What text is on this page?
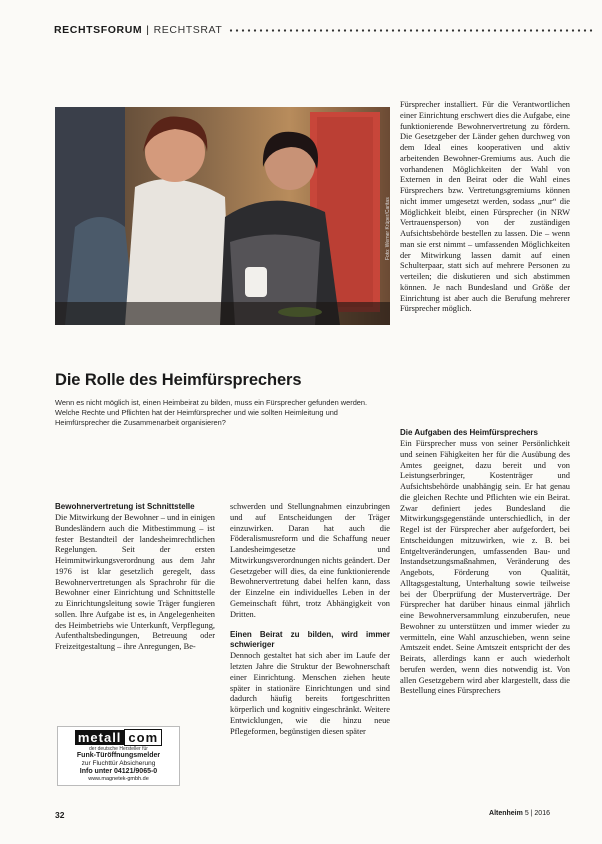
RECHTSFORUM | RECHTSRAT
Foto: Werner Krüper/Caritas

Fürsprecher installiert. Für die Verantwortlichen einer Einrichtung erschwert dies die Aufgabe, eine funktionierende Bewohnervertretung zu fördern. Die Gesetzgeber der Länder gehen durchweg von dem Ideal eines kooperativen und aktiv arbeitenden Bewohner-Gremiums aus. Auch die vorhandenen Möglichkeiten der Wahl von Externen in den Beirat oder die Wahl eines Fürsprechers bzw. Vertretungsgremiums können nicht immer umgesetzt werden, sodass „nur“ die Möglichkeit bleibt, einen Fürsprecher (in NRW Vertrauensperson) von der zuständigen Aufsichtsbehörde bestellen zu lassen. Die – wenn man sie erst nimmt – umfassenden Möglichkeiten der Mitwirkung lassen damit auf einen Schulterpaar, statt sich auf mehrere Personen zu verteilen; die diskutieren und sich abstimmen können. Je nach Bundesland und Größe der Einrichtung ist aber auch die Berufung mehrerer Fürsprecher möglich.

Die Rolle des Heimfürsprechers
Wenn es nicht möglich ist, einen Heimbeirat zu bilden, muss ein Fürsprecher gefunden werden. Welche Rechte und Pflichten hat der Heimfürsprecher und wie sollten Heimleitung und Heimfürsprecher die Zusammenarbeit organisieren?
Bewohnervertretung ist Schnittstelle

Die Mitwirkung der Bewohner – und in einigen Bundesländern auch die Mitbestimmung – ist fester Bestandteil der landesheimrechtlichen Regelungen. Seit der ersten Heimmitwirkungsverordnung aus dem Jahr 1976 ist klar gesetzlich geregelt, dass Bewohnervertretungen als Sprachrohr für die Bewohner einer Einrichtung und Schnittstelle zu Einrichtungsleitung sowie Träger fungieren sollen. Ihre Aufgabe ist es, in Angelegenheiten des Heimbetriebs wie Unterkunft, Verpflegung, Aufenthaltsbedingungen, Betreuung oder Freizeitgestaltung – ihre Anregungen, Be-

schwerden und Stellungnahmen einzubringen und auf Entscheidungen der Träger einzuwirken. Daran hat auch die Föderalismusreform und die Schaffung neuer Landesheimgesetze und Mitwirkungsverordnungen nichts geändert. Der Gesetzgeber will dies, da eine funktionierende Bewohnervertretung dabei helfen kann, dass der Einzelne ein individuelles Leben in der Gemeinschaft führt, trotz Abhängigkeit von Dritten.

Einen Beirat zu bilden, wird immer schwieriger

Dennoch gestaltet hat sich aber im Laufe der letzten Jahre die Struktur der Bewohnerschaft einer Einrichtung. Menschen ziehen heute später in stationäre Einrichtungen und sind dadurch häufig bereits fortgeschritten körperlich und kognitiv eingeschränkt. Weitere Entwicklungen, wie die hinzu neue Pflegeformen, begünstigen diesen später

Die Aufgaben des Heimfürsprechers

Ein Fürsprecher muss von seiner Persönlichkeit und seinen Fähigkeiten her für die Ausübung des Amtes geeignet, dazu bereit und von Leistungserbringer, Kostenträger und Aufsichtsbehörde unabhängig sein. Er hat genau die gleichen Rechte und Pflichten wie ein Beirat. Zwar definiert jedes Bundesland die Mitwirkungsgegenstände unterschiedlich, in der Regel ist der Fürsprecher aber aufgefordert, bei Entscheidungen mitzuwirken, wie z. B. bei Entgeltveränderungen, umfassenden Bau- und Instandsetzungsmaßnahmen, Veränderung des Angebots, Förderung von Qualität, Alltagsgestaltung, Unterhaltung sowie teilweise bei der Überprüfung der Musterverträge. Der Fürsprecher hat darüber hinaus einmal jährlich eine Bewohnerversammlung einzuberufen, neue Bewohner zu unterstützen und immer wieder zu vermitteln, eine Wahl anzuschieben, wenn seine Amtszeit endet. Seine Amtszeit entspricht der des Beirats, allerdings kann er auch wiederholt berufen werden, wenn dies notwendig ist. Von allen Gesetzgebern wird aber klargestellt, dass die Bestellung eines Fürsprechers

metall com
der deutsche Hersteller für
Funk-Türöffnungsmelder
zur Fluchttür Absicherung
Info unter 04121/9065-0
www.magnetek-gmbh.de
32	Altenheim 5 | 2016
